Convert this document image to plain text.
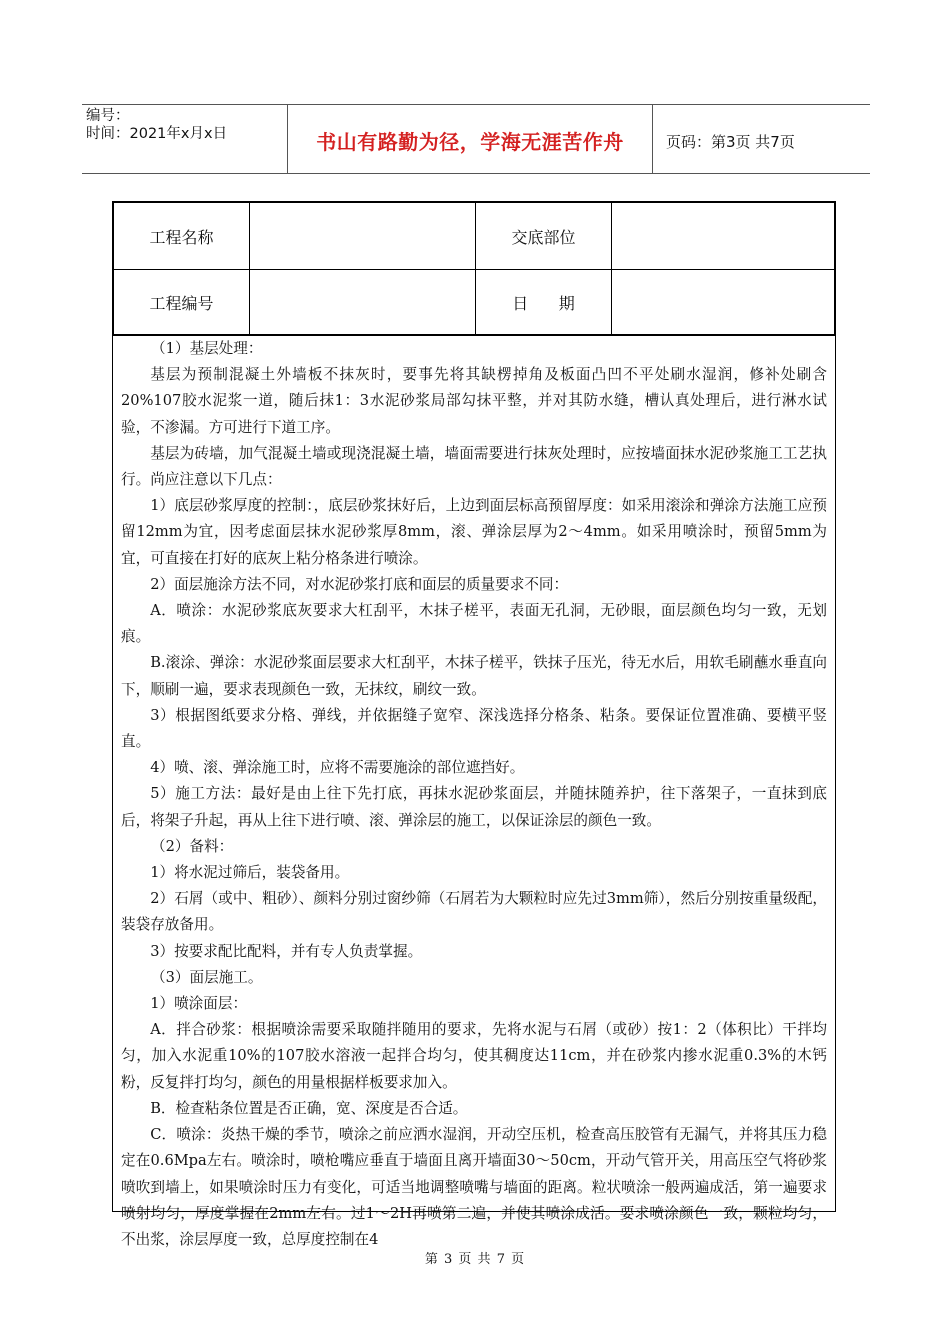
编号：
时间：2021年x月x日	书山有路勤为径，学海无涯苦作舟	页码：第3页 共7页
工程名称	交底部位
工程编号	日      期

（1）基层处理：

基层为预制混凝土外墙板不抹灰时，要事先将其缺楞掉角及板面凸凹不平处刷水湿润，修补处刷含20%107胶水泥浆一道，随后抹1：3水泥砂浆局部勾抹平整，并对其防水缝，槽认真处理后，进行淋水试验，不渗漏。方可进行下道工序。

基层为砖墙，加气混凝土墙或现浇混凝土墙，墙面需要进行抹灰处理时，应按墙面抹水泥砂浆施工工艺执行。尚应注意以下几点：

1）底层砂浆厚度的控制：，底层砂浆抹好后，上边到面层标高预留厚度：如采用滚涂和弹涂方法施工应预留12mm为宜，因考虑面层抹水泥砂浆厚8mm，滚、弹涂层厚为2～4mm。如采用喷涂时，预留5mm为宜，可直接在打好的底灰上粘分格条进行喷涂。

2）面层施涂方法不同，对水泥砂浆打底和面层的质量要求不同：

A．喷涂：水泥砂浆底灰要求大杠刮平，木抹子槎平，表面无孔洞，无砂眼，面层颜色均匀一致，无划痕。

B.滚涂、弹涂：水泥砂浆面层要求大杠刮平，木抹子槎平，铁抹子压光，待无水后，用软毛刷蘸水垂直向下，顺刷一遍，要求表现颜色一致，无抹纹，刷纹一致。

3）根据图纸要求分格、弹线，并依据缝子宽窄、深浅选择分格条、粘条。要保证位置准确、要横平竖直。

4）喷、滚、弹涂施工时，应将不需要施涂的部位遮挡好。

5）施工方法：最好是由上往下先打底，再抹水泥砂浆面层，并随抹随养护，往下落架子，一直抹到底后，将架子升起，再从上往下进行喷、滚、弹涂层的施工，以保证涂层的颜色一致。

（2）备料：

1）将水泥过筛后，装袋备用。

2）石屑（或中、粗砂）、颜料分别过窗纱筛（石屑若为大颗粒时应先过3mm筛），然后分别按重量级配，装袋存放备用。

3）按要求配比配料，并有专人负责掌握。

（3）面层施工。

1）喷涂面层：

A．拌合砂浆：根据喷涂需要采取随拌随用的要求，先将水泥与石屑（或砂）按1：2（体积比）干拌均匀，加入水泥重10%的107胶水溶液一起拌合均匀，使其稠度达11cm，并在砂浆内掺水泥重0.3%的木钙粉，反复拌打均匀，颜色的用量根据样板要求加入。

B．检查粘条位置是否正确，宽、深度是否合适。

C．喷涂：炎热干燥的季节，喷涂之前应洒水湿润，开动空压机，检查高压胶管有无漏气，并将其压力稳定在0.6Mpa左右。喷涂时，喷枪嘴应垂直于墙面且离开墙面30～50cm，开动气管开关，用高压空气将砂浆喷吹到墙上，如果喷涂时压力有变化，可适当地调整喷嘴与墙面的距离。粒状喷涂一般两遍成活，第一遍要求喷射均匀，厚度掌握在2mm左右。过1～2H再喷第二遍，并使其喷涂成活。要求喷涂颜色一致，颗粒均匀，不出浆，涂层厚度一致，总厚度控制在4

第 3 页 共 7 页
